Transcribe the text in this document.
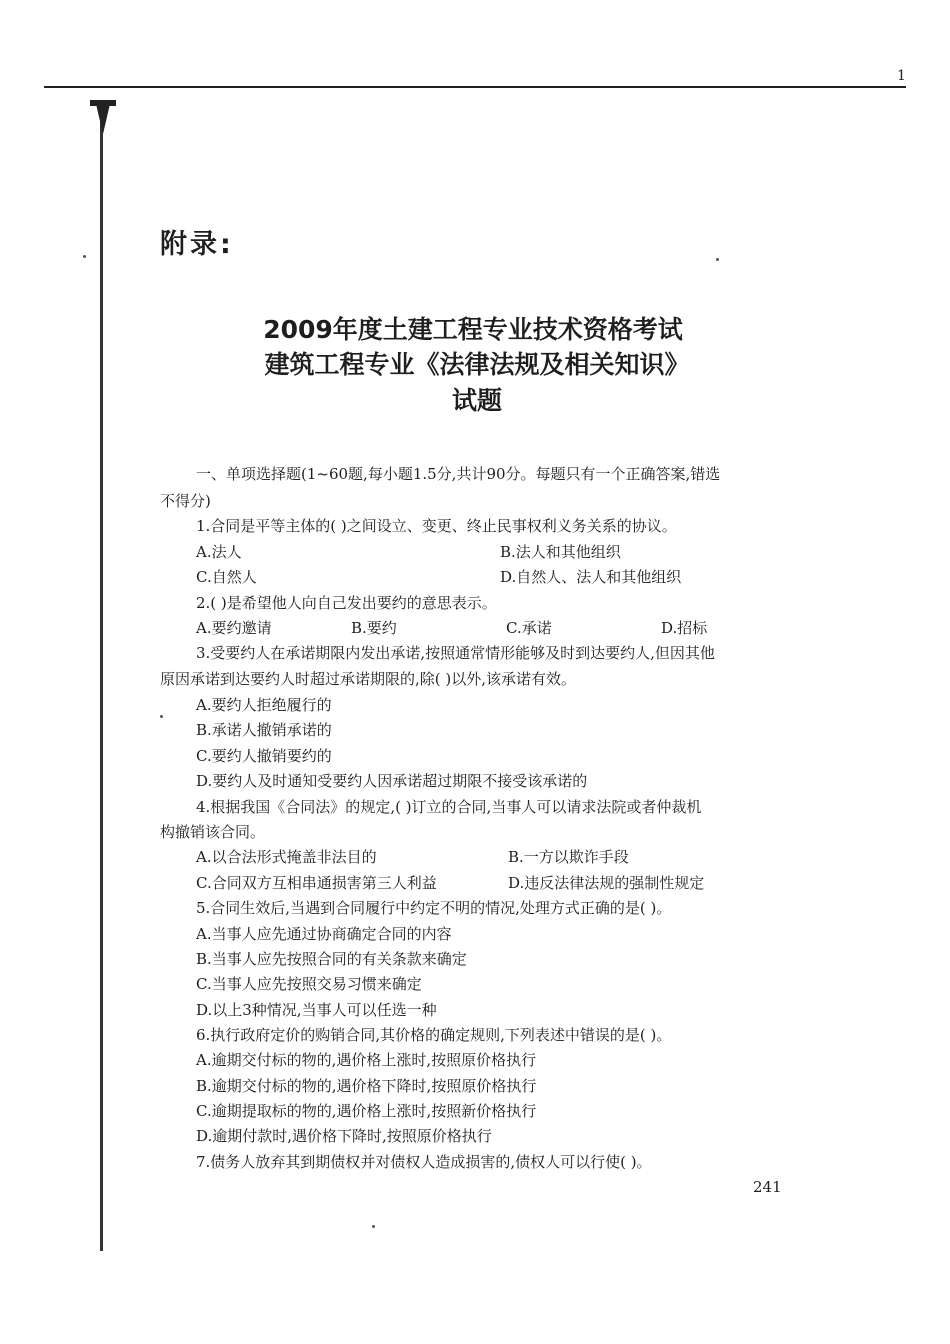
1
附录:
2009年度土建工程专业技术资格考试
建筑工程专业《法律法规及相关知识》
试题
一、单项选择题(1~60题,每小题1.5分,共计90分。每题只有一个正确答案,错选
不得分)
1.合同是平等主体的( )之间设立、变更、终止民事权利义务关系的协议。
A.法人	B.法人和其他组织
C.自然人	D.自然人、法人和其他组织
2.( )是希望他人向自己发出要约的意思表示。
A.要约邀请	B.要约	C.承诺	D.招标
3.受要约人在承诺期限内发出承诺,按照通常情形能够及时到达要约人,但因其他
原因承诺到达要约人时超过承诺期限的,除( )以外,该承诺有效。
A.要约人拒绝履行的
B.承诺人撤销承诺的
C.要约人撤销要约的
D.要约人及时通知受要约人因承诺超过期限不接受该承诺的
4.根据我国《合同法》的规定,( )订立的合同,当事人可以请求法院或者仲裁机
构撤销该合同。
A.以合法形式掩盖非法目的	B.一方以欺诈手段
C.合同双方互相串通损害第三人利益	D.违反法律法规的强制性规定
5.合同生效后,当遇到合同履行中约定不明的情况,处理方式正确的是( )。
A.当事人应先通过协商确定合同的内容
B.当事人应先按照合同的有关条款来确定
C.当事人应先按照交易习惯来确定
D.以上3种情况,当事人可以任选一种
6.执行政府定价的购销合同,其价格的确定规则,下列表述中错误的是( )。
A.逾期交付标的物的,遇价格上涨时,按照原价格执行
B.逾期交付标的物的,遇价格下降时,按照原价格执行
C.逾期提取标的物的,遇价格上涨时,按照新价格执行
D.逾期付款时,遇价格下降时,按照原价格执行
7.债务人放弃其到期债权并对债权人造成损害的,债权人可以行使( )。
241
